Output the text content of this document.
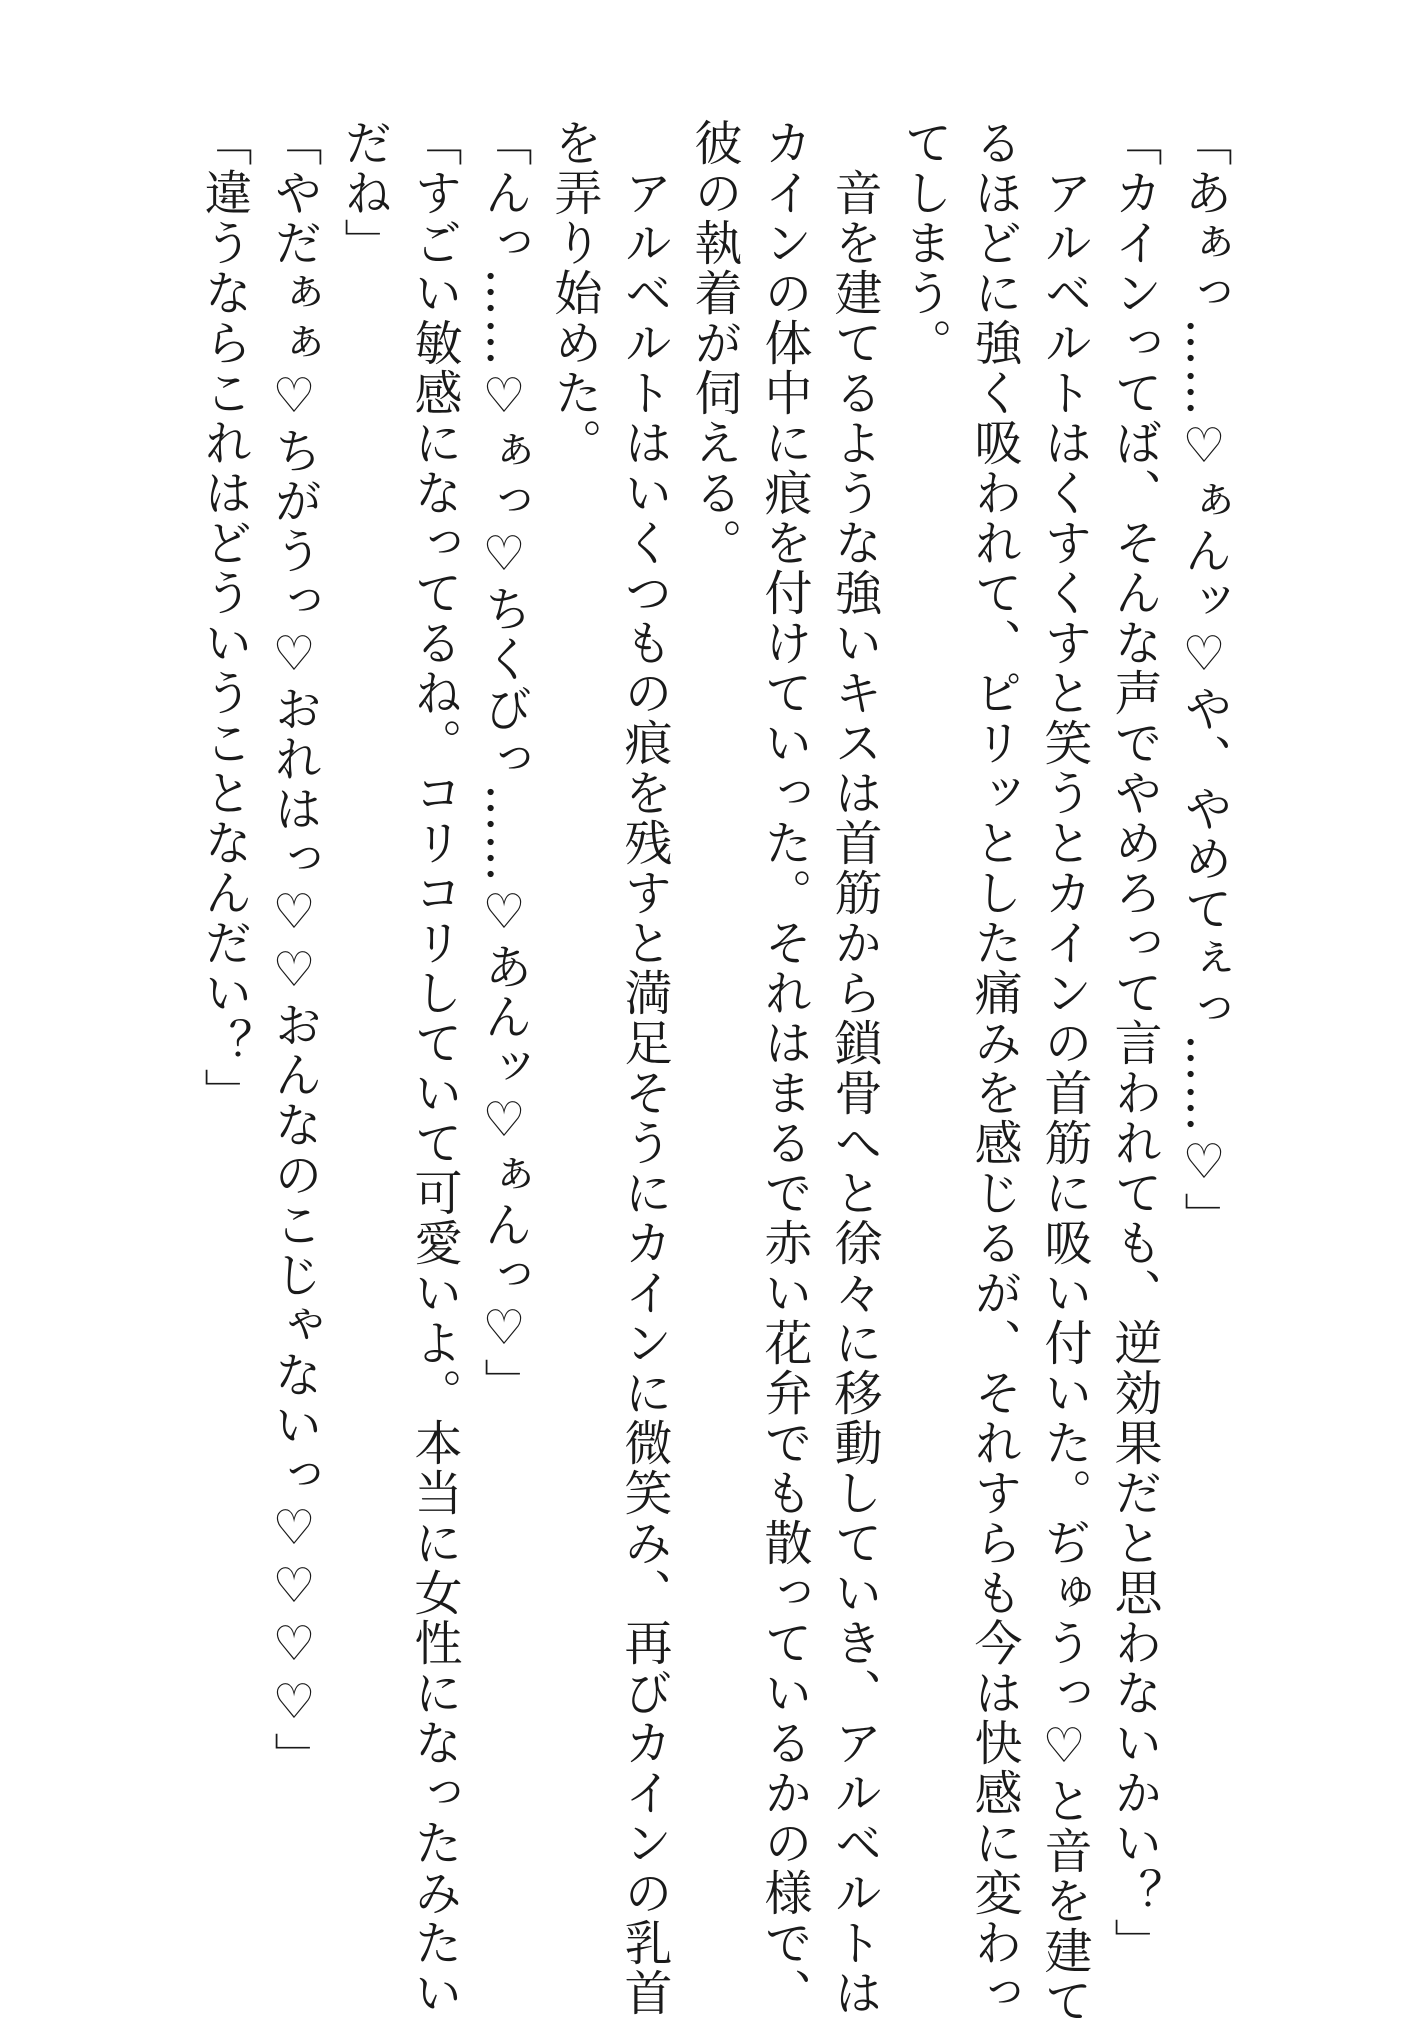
「あぁっ……♡ぁんッ♡や、やめてぇっ……♡」

「カインってば、そんな声でやめろって言われても、逆効果だと思わないかい？」

　アルベルトはくすくすと笑うとカインの首筋に吸い付いた。ぢゅうっ♡と音を建て

るほどに強く吸われて、ピリッとした痛みを感じるが、それすらも今は快感に変わっ

てしまう。

　音を建てるような強いキスは首筋から鎖骨へと徐々に移動していき、アルベルトは

カインの体中に痕を付けていった。それはまるで赤い花弁でも散っているかの様で、

彼の執着が伺える。

　アルベルトはいくつもの痕を残すと満足そうにカインに微笑み、再びカインの乳首

を弄り始めた。

「んっ……♡ぁっ♡ちくびっ……♡あんッ♡ぁんっ♡」

「すごい敏感になってるね。コリコリしていて可愛いよ。本当に女性になったみたい

だね」

「やだぁぁ♡ちがうっ♡おれはっ♡♡おんなのこじゃないっ♡♡♡♡」

「違うならこれはどういうことなんだい？」
